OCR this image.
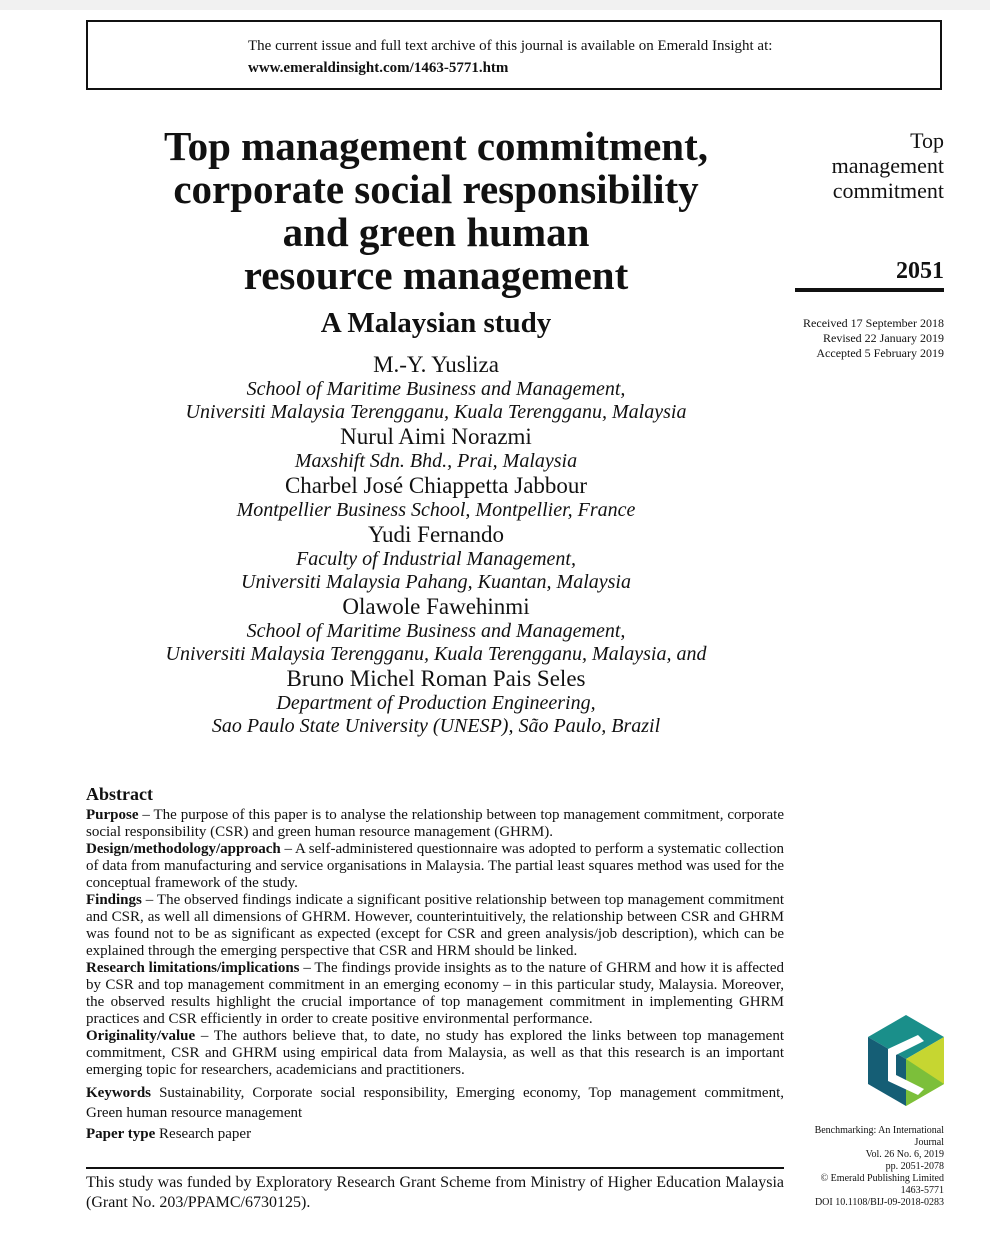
The current issue and full text archive of this journal is available on Emerald Insight at:
www.emeraldinsight.com/1463-5771.htm
Top management commitment,
corporate social responsibility
and green human
resource management
A Malaysian study
M.-Y. Yusliza
School of Maritime Business and Management,
Universiti Malaysia Terengganu, Kuala Terengganu, Malaysia
Nurul Aimi Norazmi
Maxshift Sdn. Bhd., Prai, Malaysia
Charbel José Chiappetta Jabbour
Montpellier Business School, Montpellier, France
Yudi Fernando
Faculty of Industrial Management,
Universiti Malaysia Pahang, Kuantan, Malaysia
Olawole Fawehinmi
School of Maritime Business and Management,
Universiti Malaysia Terengganu, Kuala Terengganu, Malaysia, and
Bruno Michel Roman Pais Seles
Department of Production Engineering,
Sao Paulo State University (UNESP), São Paulo, Brazil
Top
management
commitment
2051
Received 17 September 2018
Revised 22 January 2019
Accepted 5 February 2019
Abstract

Purpose – The purpose of this paper is to analyse the relationship between top management commitment, corporate social responsibility (CSR) and green human resource management (GHRM).

Design/methodology/approach – A self-administered questionnaire was adopted to perform a systematic collection of data from manufacturing and service organisations in Malaysia. The partial least squares method was used for the conceptual framework of the study.

Findings – The observed findings indicate a significant positive relationship between top management commitment and CSR, as well all dimensions of GHRM. However, counterintuitively, the relationship between CSR and GHRM was found not to be as significant as expected (except for CSR and green analysis/job description), which can be explained through the emerging perspective that CSR and HRM should be linked.

Research limitations/implications – The findings provide insights as to the nature of GHRM and how it is affected by CSR and top management commitment in an emerging economy – in this particular study, Malaysia. Moreover, the observed results highlight the crucial importance of top management commitment in implementing GHRM practices and CSR efficiently in order to create positive environmental performance.

Originality/value – The authors believe that, to date, no study has explored the links between top management commitment, CSR and GHRM using empirical data from Malaysia, as well as that this research is an important emerging topic for researchers, academicians and practitioners.

Keywords Sustainability, Corporate social responsibility, Emerging economy, Top management commitment, Green human resource management

Paper type Research paper

This study was funded by Exploratory Research Grant Scheme from Ministry of Higher Education Malaysia (Grant No. 203/PPAMC/6730125).
Benchmarking: An International
Journal
Vol. 26 No. 6, 2019
pp. 2051-2078
© Emerald Publishing Limited
1463-5771
DOI 10.1108/BIJ-09-2018-0283
